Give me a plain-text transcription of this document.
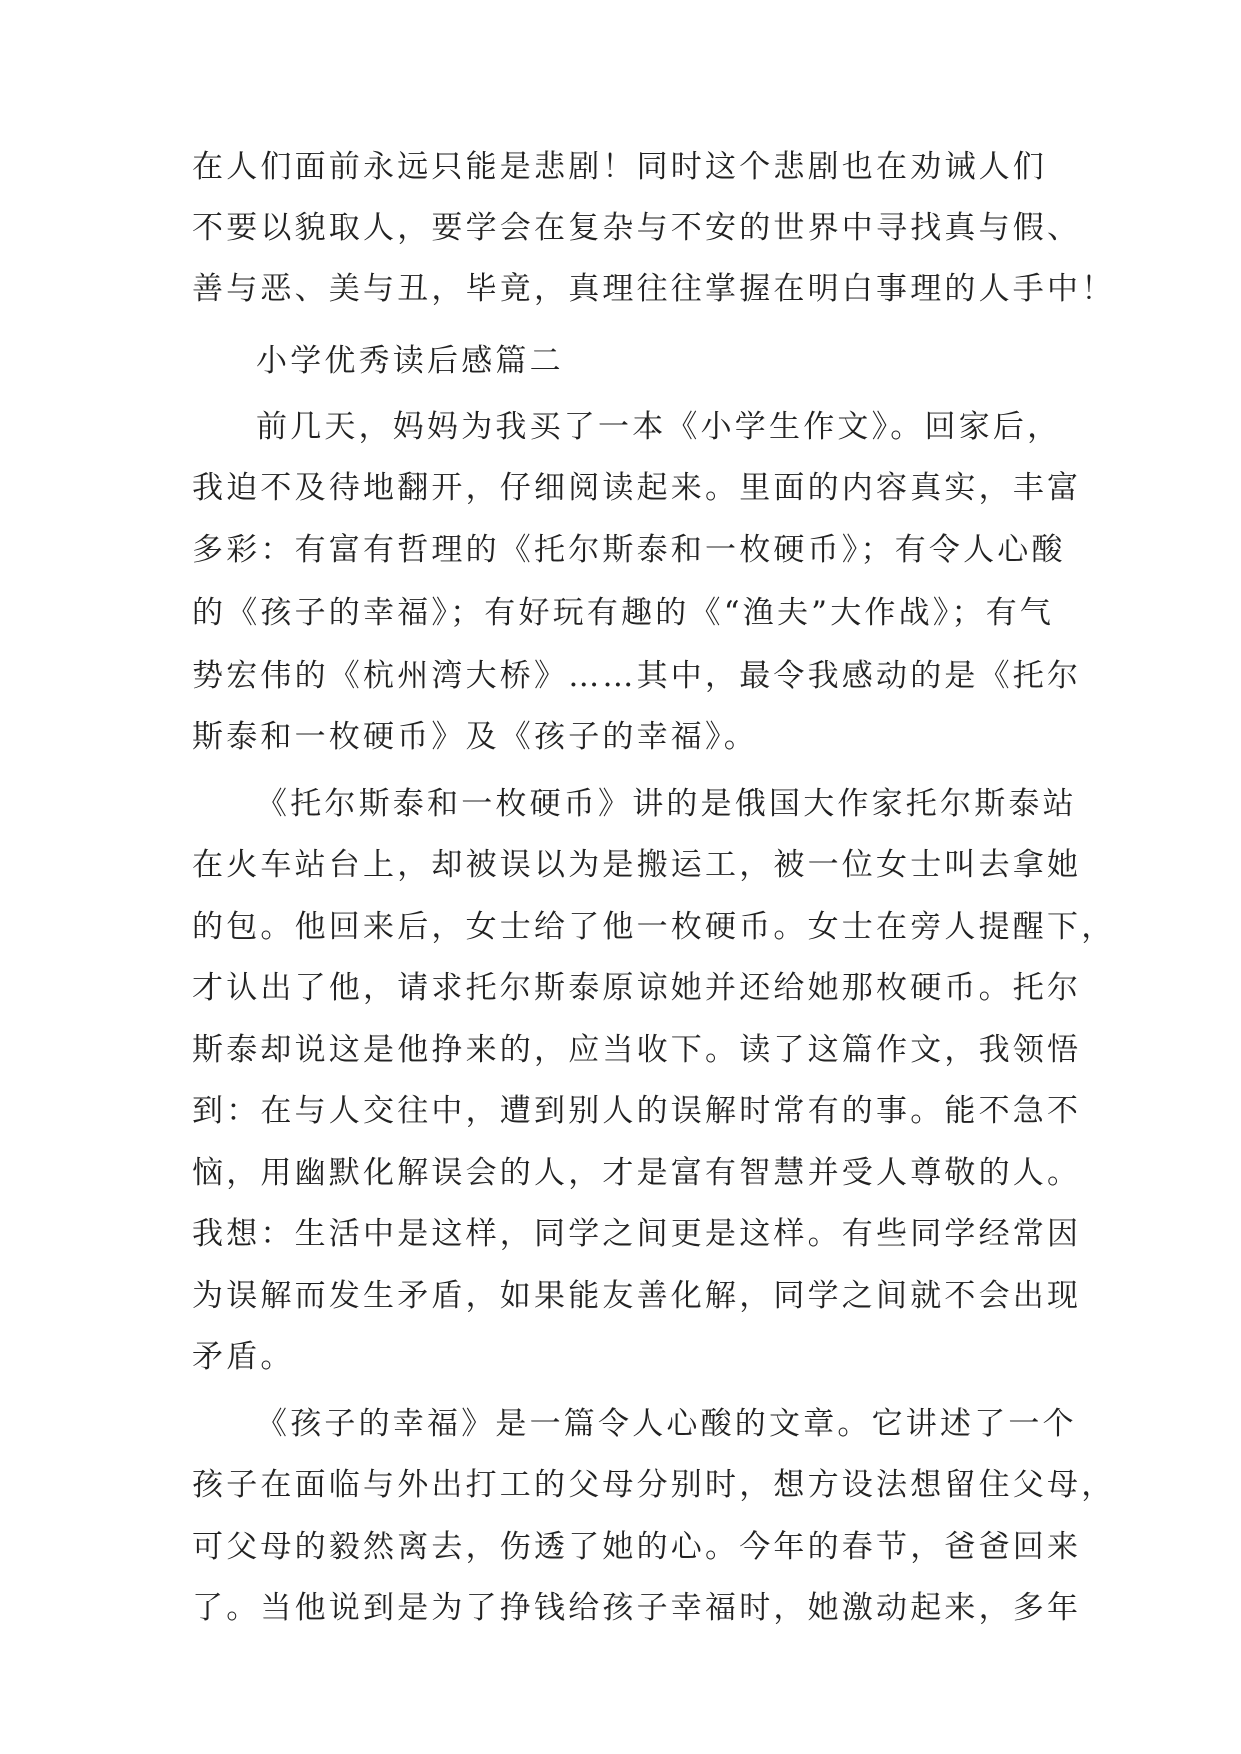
在人们面前永远只能是悲剧！同时这个悲剧也在劝诫人们
不要以貌取人，要学会在复杂与不安的世界中寻找真与假、
善与恶、美与丑，毕竟，真理往往掌握在明白事理的人手中！
小学优秀读后感篇二
前几天，妈妈为我买了一本《小学生作文》。回家后，
我迫不及待地翻开，仔细阅读起来。里面的内容真实，丰富
多彩：有富有哲理的《托尔斯泰和一枚硬币》；有令人心酸
的《孩子的幸福》；有好玩有趣的《“渔夫”大作战》；有气
势宏伟的《杭州湾大桥》……其中，最令我感动的是《托尔
斯泰和一枚硬币》及《孩子的幸福》。
《托尔斯泰和一枚硬币》讲的是俄国大作家托尔斯泰站
在火车站台上，却被误以为是搬运工，被一位女士叫去拿她
的包。他回来后，女士给了他一枚硬币。女士在旁人提醒下，
才认出了他，请求托尔斯泰原谅她并还给她那枚硬币。托尔
斯泰却说这是他挣来的，应当收下。读了这篇作文，我领悟
到：在与人交往中，遭到别人的误解时常有的事。能不急不
恼，用幽默化解误会的人，才是富有智慧并受人尊敬的人。
我想：生活中是这样，同学之间更是这样。有些同学经常因
为误解而发生矛盾，如果能友善化解，同学之间就不会出现
矛盾。
《孩子的幸福》是一篇令人心酸的文章。它讲述了一个
孩子在面临与外出打工的父母分别时，想方设法想留住父母，
可父母的毅然离去，伤透了她的心。今年的春节，爸爸回来
了。当他说到是为了挣钱给孩子幸福时，她激动起来，多年
